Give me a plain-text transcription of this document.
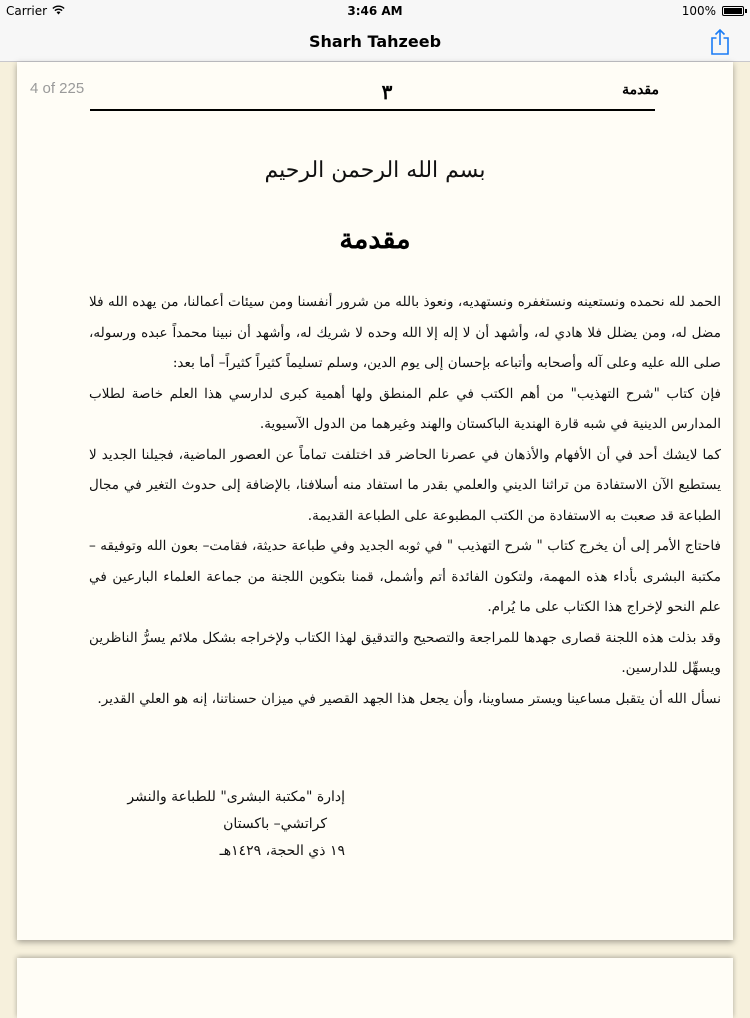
Carrier	3:46 AM	100%
Sharh Tahzeeb
4 of 225	٣	مقدمة
بسم الله الرحمن الرحيم
مقدمة

الحمد لله نحمده ونستعينه ونستغفره ونستهديه، ونعوذ بالله من شرور أنفسنا ومن سيئات أعمالنا، من يهده الله فلا مضل له، ومن يضلل فلا هادي له، وأشهد أن لا إله إلا الله وحده لا شريك له، وأشهد أن نبينا محمداً عبده ورسوله، صلى الله عليه وعلى آله وأصحابه وأتباعه بإحسان إلى يوم الدين، وسلم تسليماً كثيراً كثيراً– أما بعد:

فإن كتاب "شرح التهذيب" من أهم الكتب في علم المنطق ولها أهمية كبرى لدارسي هذا العلم خاصة لطلاب المدارس الدينية في شبه قارة الهندية الباكستان والهند وغيرهما من الدول الآسيوية.

كما لايشك أحد في أن الأفهام والأذهان في عصرنا الحاضر قد اختلفت تماماً عن العصور الماضية، فجيلنا الجديد لا يستطيع الآن الاستفادة من تراثنا الديني والعلمي بقدر ما استفاد منه أسلافنا، بالإضافة إلى حدوث التغير في مجال الطباعة قد صعبت به الاستفادة من الكتب المطبوعة على الطباعة القديمة.

فاحتاج الأمر إلى أن يخرج كتاب " شرح التهذيب " في ثوبه الجديد وفي طباعة حديثة، فقامت– بعون الله وتوفيقه – مكتبة البشرى بأداء هذه المهمة، ولتكون الفائدة أتم وأشمل، قمنا بتكوين اللجنة من جماعة العلماء البارعين في علم النحو لإخراج هذا الكتاب على ما يُرام.

وقد بذلت هذه اللجنة قصارى جهدها للمراجعة والتصحيح والتدقيق لهذا الكتاب ولإخراجه بشكل ملائم يسرُّ الناظرين ويسهِّل للدارسين.

نسأل الله أن يتقبل مساعينا ويستر مساوينا، وأن يجعل هذا الجهد القصير في ميزان حسناتنا، إنه هو العلي القدير.

إدارة "مكتبة البشرى" للطباعة والنشر
كراتشي– باكستان
١٩ ذي الحجة، ١٤٢٩هـ
